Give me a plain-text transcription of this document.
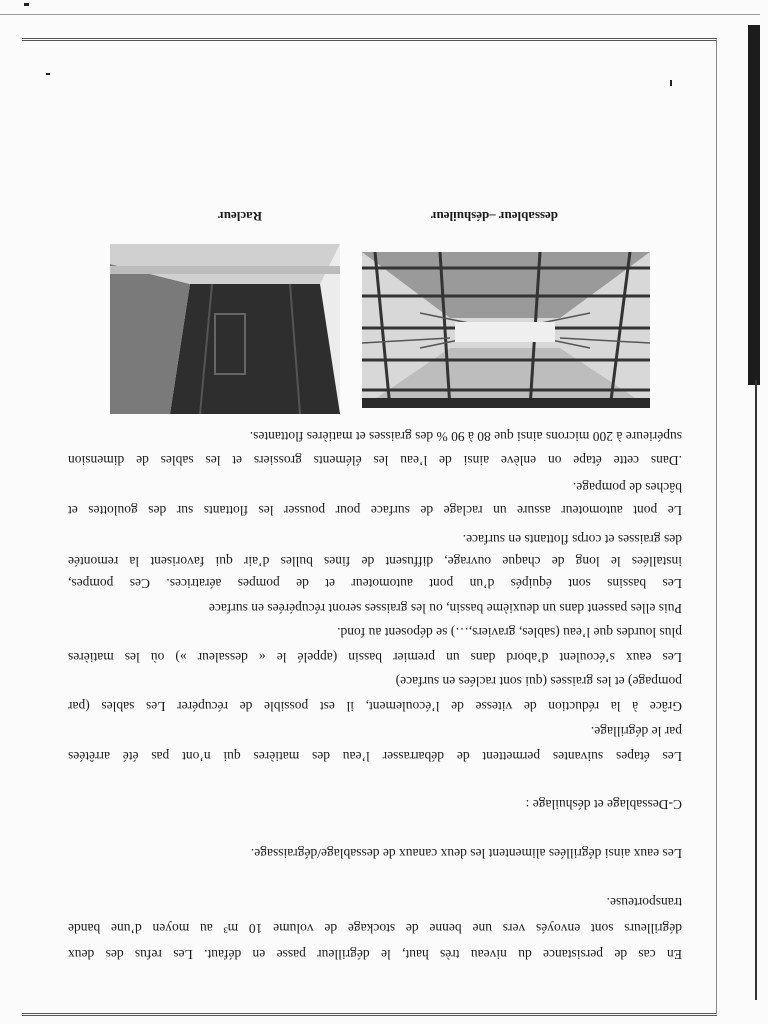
En cas de persistance du niveau très haut, le dégrilleur passe en défaut. Les refus des deux
dégrilleurs sont envoyés vers une benne de stockage de volume 10 m³ au moyen d’une bande
transporteuse.
Les eaux ainsi dégrillées alimentent les deux canaux de dessablage/dégraissage.
C-Dessablage et déshuilage :
Les étapes suivantes permettent de débarrasser l’eau des matières qui n’ont pas été arrêtées
par le dégrillage.
Grâce à la réduction de vitesse de l’écoulement, il est possible de récupérer Les sables (par
pompage) et les graisses (qui sont raclées en surface)
Les eaux s’écoulent d’abord dans un premier bassin (appelé le « dessaleur ») où les matières
plus lourdes que l’eau (sables, graviers,…) se déposent au fond.
Puis elles passent dans un deuxième bassin, ou les graisses seront récupérées en surface
Les bassins sont équipés d’un pont automoteur et de pompes aératrices. Ces pompes,
installées le long de chaque ouvrage, diffusent de fines bulles d’air qui favorisent la remontée
des graisses et corps flottants en surface.
Le pont automoteur assure un raclage de surface pour pousser les flottants sur des goulottes et
bâches de pompage.
.Dans cette étape on enlève ainsi de l’eau les éléments grossiers et les sables de dimension
supérieure à 200 microns ainsi que 80 à 90 % des graisses et matières flottantes.
dessableur –déshuileur
Racleur
